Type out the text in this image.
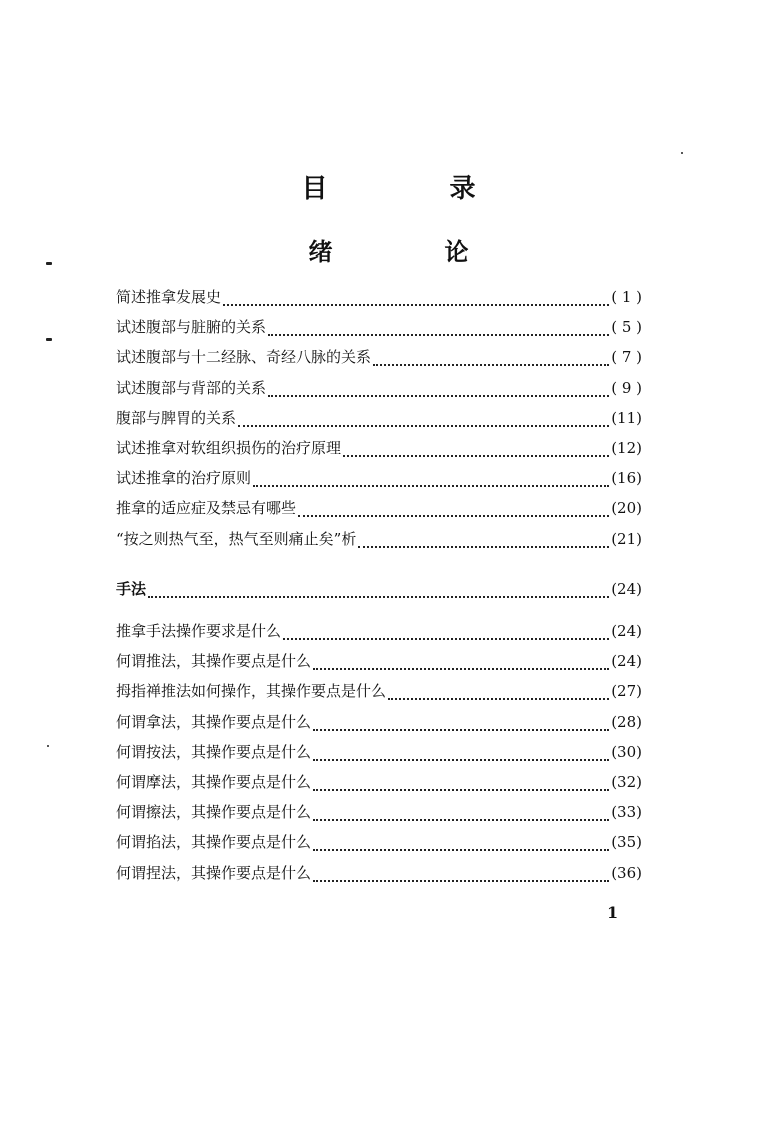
目　录
绪　论
简述推拿发展史	( 1 )
试述腹部与脏腑的关系	( 5 )
试述腹部与十二经脉、奇经八脉的关系	( 7 )
试述腹部与背部的关系	( 9 )
腹部与脾胃的关系	(11)
试述推拿对软组织损伤的治疗原理	(12)
试述推拿的治疗原则	(16)
推拿的适应症及禁忌有哪些	(20)
“按之则热气至，热气至则痛止矣”析	(21)
手法	(24)
推拿手法操作要求是什么	(24)
何谓推法，其操作要点是什么	(24)
拇指禅推法如何操作，其操作要点是什么	(27)
何谓拿法，其操作要点是什么	(28)
何谓按法，其操作要点是什么	(30)
何谓摩法，其操作要点是什么	(32)
何谓擦法，其操作要点是什么	(33)
何谓掐法，其操作要点是什么	(35)
何谓捏法，其操作要点是什么	(36)
1
